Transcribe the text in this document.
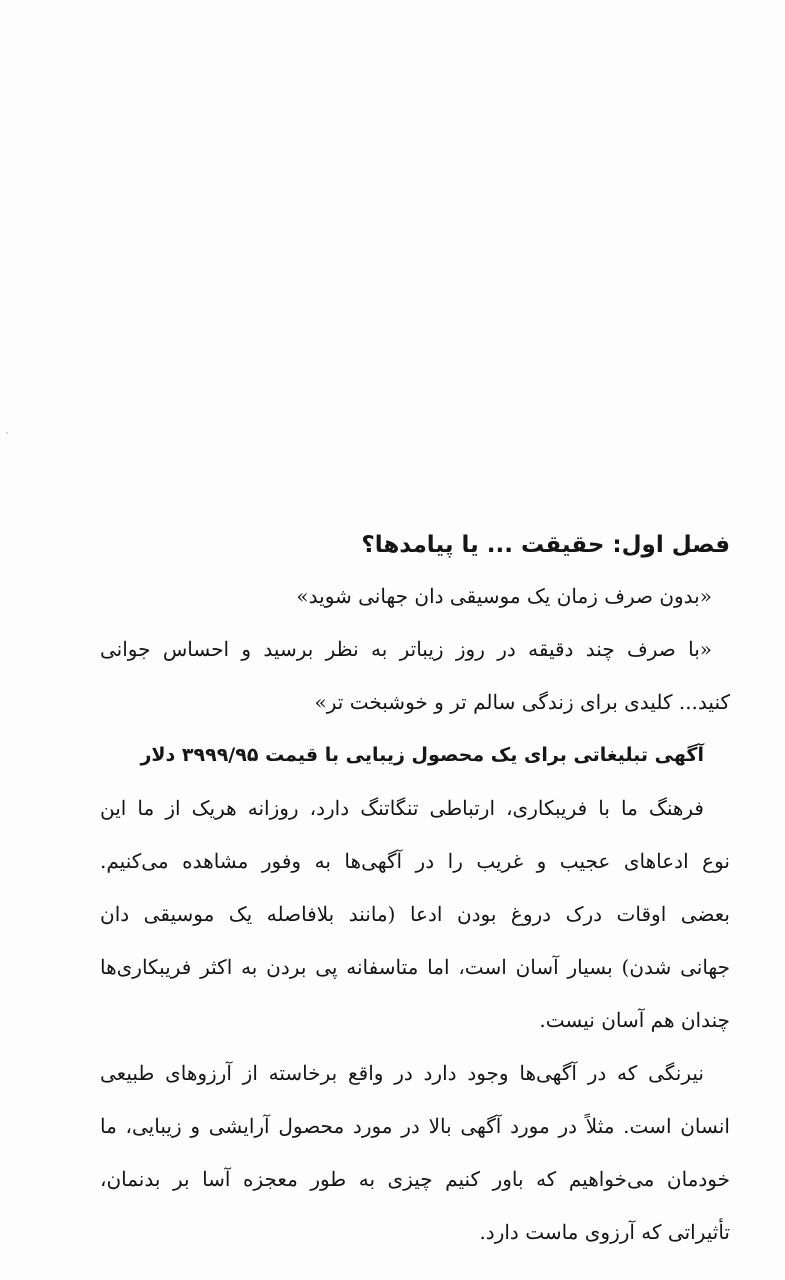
فصل اول: حقیقت ... یا پیامدها؟
«بدون صرف زمان یک موسیقی دان جهانی شوید»
«با صرف چند دقیقه در روز زیباتر به نظر برسید و احساس جوانی
کنید... کلیدی برای زندگی سالم تر و خوشبخت تر»
آگهی تبلیغاتی برای یک محصول زیبایی با قیمت ۳۹۹۹/۹۵ دلار
فرهنگ ما با فریبکاری، ارتباطی تنگاتنگ دارد، روزانه هریک از ما این
نوع ادعاهای عجیب و غریب را در آگهی‌ها به وفور مشاهده می‌کنیم.
بعضی اوقات درک دروغ بودن ادعا (مانند بلافاصله یک موسیقی دان
جهانی شدن) بسیار آسان است، اما متاسفانه پی بردن به اکثر فریبکاری‌ها
چندان هم آسان نیست.
نیرنگی که در آگهی‌ها وجود دارد در واقع برخاسته از آرزوهای طبیعی
انسان است. مثلاً در مورد آگهی بالا در مورد محصول آرایشی و زیبایی، ما
خودمان می‌خواهیم که باور کنیم چیزی به طور معجزه آسا بر بدنمان،
تأثیراتی که آرزوی ماست دارد.
